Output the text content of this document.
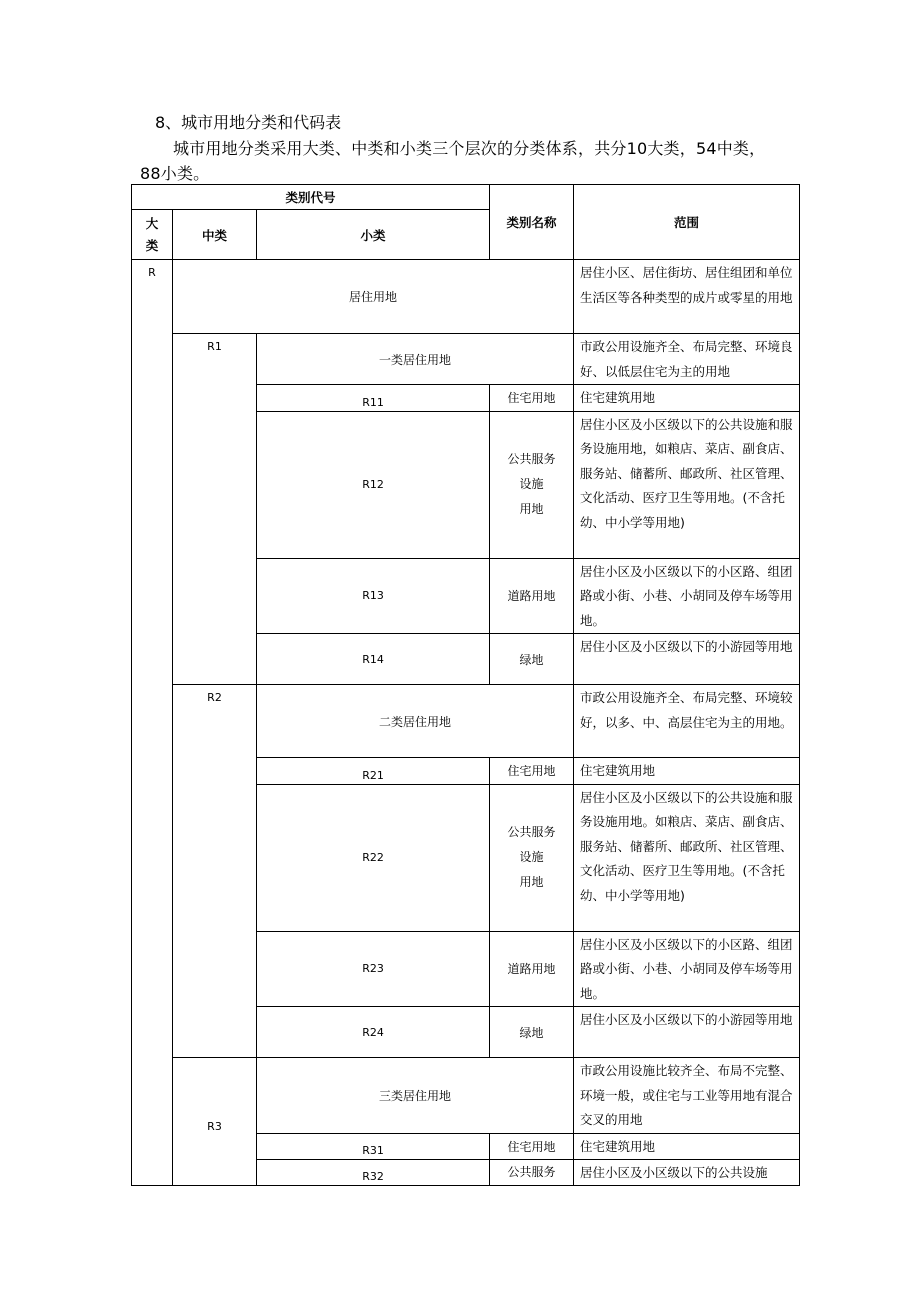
8、城市用地分类和代码表
城市用地分类采用大类、中类和小类三个层次的分类体系，共分10大类，54中类，88小类。
类别代号			类别名称	范围

大类	中类	小类		
R	居住用地			居住小区、居住街坊、居住组团和单位生活区等各种类型的成片或零星的用地
	R1	一类居住用地		市政公用设施齐全、布局完整、环境良好、以低层住宅为主的用地
		R11	住宅用地	住宅建筑用地
		R12	公共服务
设施
用地	居住小区及小区级以下的公共设施和服务设施用地，如粮店、菜店、副食店、服务站、储蓄所、邮政所、社区管理、文化活动、医疗卫生等用地。(不含托幼、中小学等用地)
		R13	道路用地	居住小区及小区级以下的小区路、组团路或小街、小巷、小胡同及停车场等用地。
		R14	绿地	居住小区及小区级以下的小游园等用地
	R2	二类居住用地		市政公用设施齐全、布局完整、环境较好，以多、中、高层住宅为主的用地。
		R21	住宅用地	住宅建筑用地
		R22	公共服务
设施
用地	居住小区及小区级以下的公共设施和服务设施用地。如粮店、菜店、副食店、服务站、储蓄所、邮政所、社区管理、文化活动、医疗卫生等用地。(不含托幼、中小学等用地)
		R23	道路用地	居住小区及小区级以下的小区路、组团路或小街、小巷、小胡同及停车场等用地。
		R24	绿地	居住小区及小区级以下的小游园等用地
	R3	三类居住用地		市政公用设施比较齐全、布局不完整、环境一般，或住宅与工业等用地有混合交叉的用地
		R31	住宅用地	住宅建筑用地
		R32	公共服务	居住小区及小区级以下的公共设施
